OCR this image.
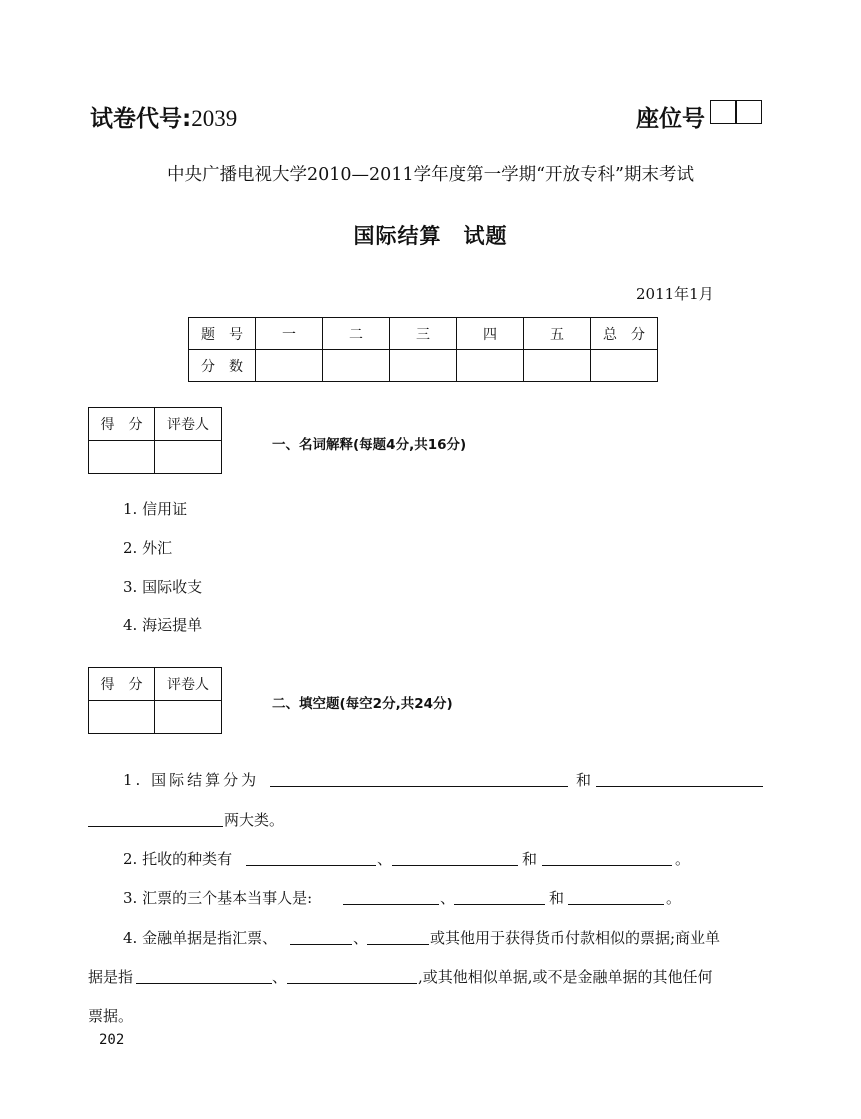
试卷代号:2039	座位号
中央广播电视大学2010—2011学年度第一学期“开放专科”期末考试
国际结算　试题
2011年1月
题　号	一	二	三	四	五	总　分
分　数						
得　分	评卷人

一、名词解释(每题4分,共16分)
1. 信用证
2. 外汇
3. 国际收支
4. 海运提单
得　分	评卷人

二、填空题(每空2分,共24分)
1. 国际结算分为	和
两大类。
2. 托收的种类有	、	和	。
3. 汇票的三个基本当事人是:	、	和	。
4. 金融单据是指汇票、	、	或其他用于获得货币付款相似的票据;商业单
据是指	、	,或其他相似单据,或不是金融单据的其他任何
票据。
202
